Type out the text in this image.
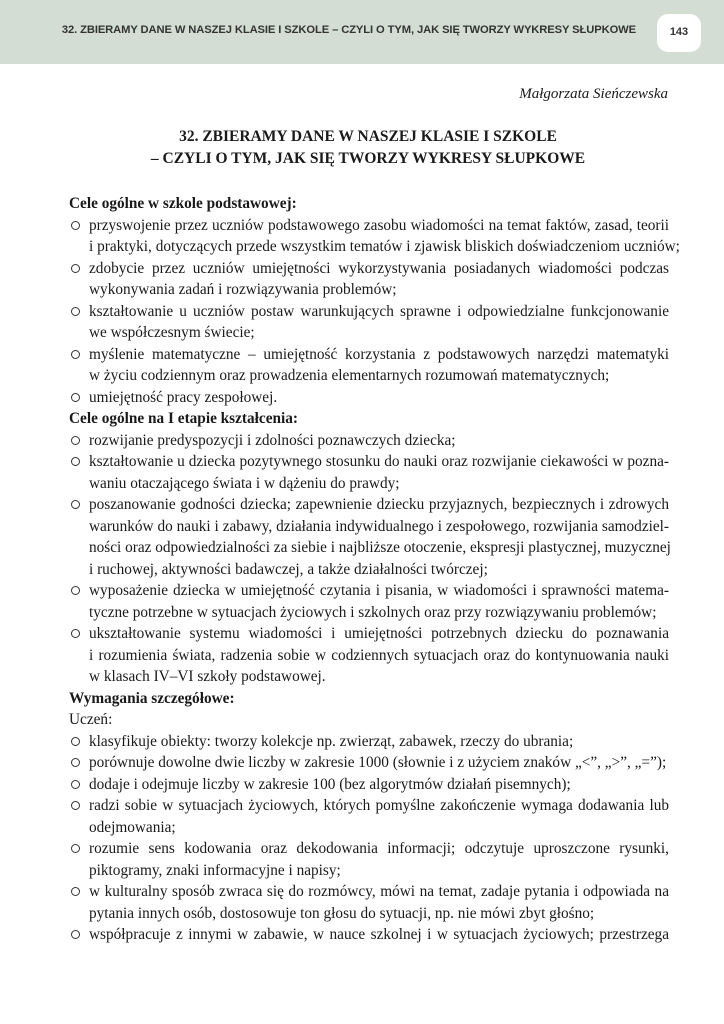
32. ZBIERAMY DANE W NASZEJ KLASIE I SZKOLE – CZYLI O TYM, JAK SIĘ TWORZY WYKRESY SŁUPKOWE	143
Małgorzata Sieńczewska
32. ZBIERAMY DANE W NASZEJ KLASIE I SZKOLE
– CZYLI O TYM, JAK SIĘ TWORZY WYKRESY SŁUPKOWE
Cele ogólne w szkole podstawowej:
przyswojenie przez uczniów podstawowego zasobu wiadomości na temat faktów, zasad, teorii
i praktyki, dotyczących przede wszystkim tematów i zjawisk bliskich doświadczeniom uczniów;
zdobycie przez uczniów umiejętności wykorzystywania posiadanych wiadomości podczas
wykonywania zadań i rozwiązywania problemów;
kształtowanie u uczniów postaw warunkujących sprawne i odpowiedzialne funkcjonowanie
we współczesnym świecie;
myślenie matematyczne – umiejętność korzystania z podstawowych narzędzi matematyki
w życiu codziennym oraz prowadzenia elementarnych rozumowań matematycznych;
umiejętność pracy zespołowej.
Cele ogólne na I etapie kształcenia:
rozwijanie predyspozycji i zdolności poznawczych dziecka;
kształtowanie u dziecka pozytywnego stosunku do nauki oraz rozwijanie ciekawości w pozna-
waniu otaczającego świata i w dążeniu do prawdy;
poszanowanie godności dziecka; zapewnienie dziecku przyjaznych, bezpiecznych i zdrowych
warunków do nauki i zabawy, działania indywidualnego i zespołowego, rozwijania samodziel-
ności oraz odpowiedzialności za siebie i najbliższe otoczenie, ekspresji plastycznej, muzycznej
i ruchowej, aktywności badawczej, a także działalności twórczej;
wyposażenie dziecka w umiejętność czytania i pisania, w wiadomości i sprawności matema-
tyczne potrzebne w sytuacjach życiowych i szkolnych oraz przy rozwiązywaniu problemów;
ukształtowanie systemu wiadomości i umiejętności potrzebnych dziecku do poznawania
i rozumienia świata, radzenia sobie w codziennych sytuacjach oraz do kontynuowania nauki
w klasach IV–VI szkoły podstawowej.
Wymagania szczegółowe:
Uczeń:
klasyfikuje obiekty: tworzy kolekcje np. zwierząt, zabawek, rzeczy do ubrania;
porównuje dowolne dwie liczby w zakresie 1000 (słownie i z użyciem znaków „<”, „>”, „=”);
dodaje i odejmuje liczby w zakresie 100 (bez algorytmów działań pisemnych);
radzi sobie w sytuacjach życiowych, których pomyślne zakończenie wymaga dodawania lub
odejmowania;
rozumie sens kodowania oraz dekodowania informacji; odczytuje uproszczone rysunki,
piktogramy, znaki informacyjne i napisy;
w kulturalny sposób zwraca się do rozmówcy, mówi na temat, zadaje pytania i odpowiada na
pytania innych osób, dostosowuje ton głosu do sytuacji, np. nie mówi zbyt głośno;
współpracuje z innymi w zabawie, w nauce szkolnej i w sytuacjach życiowych; przestrzega
